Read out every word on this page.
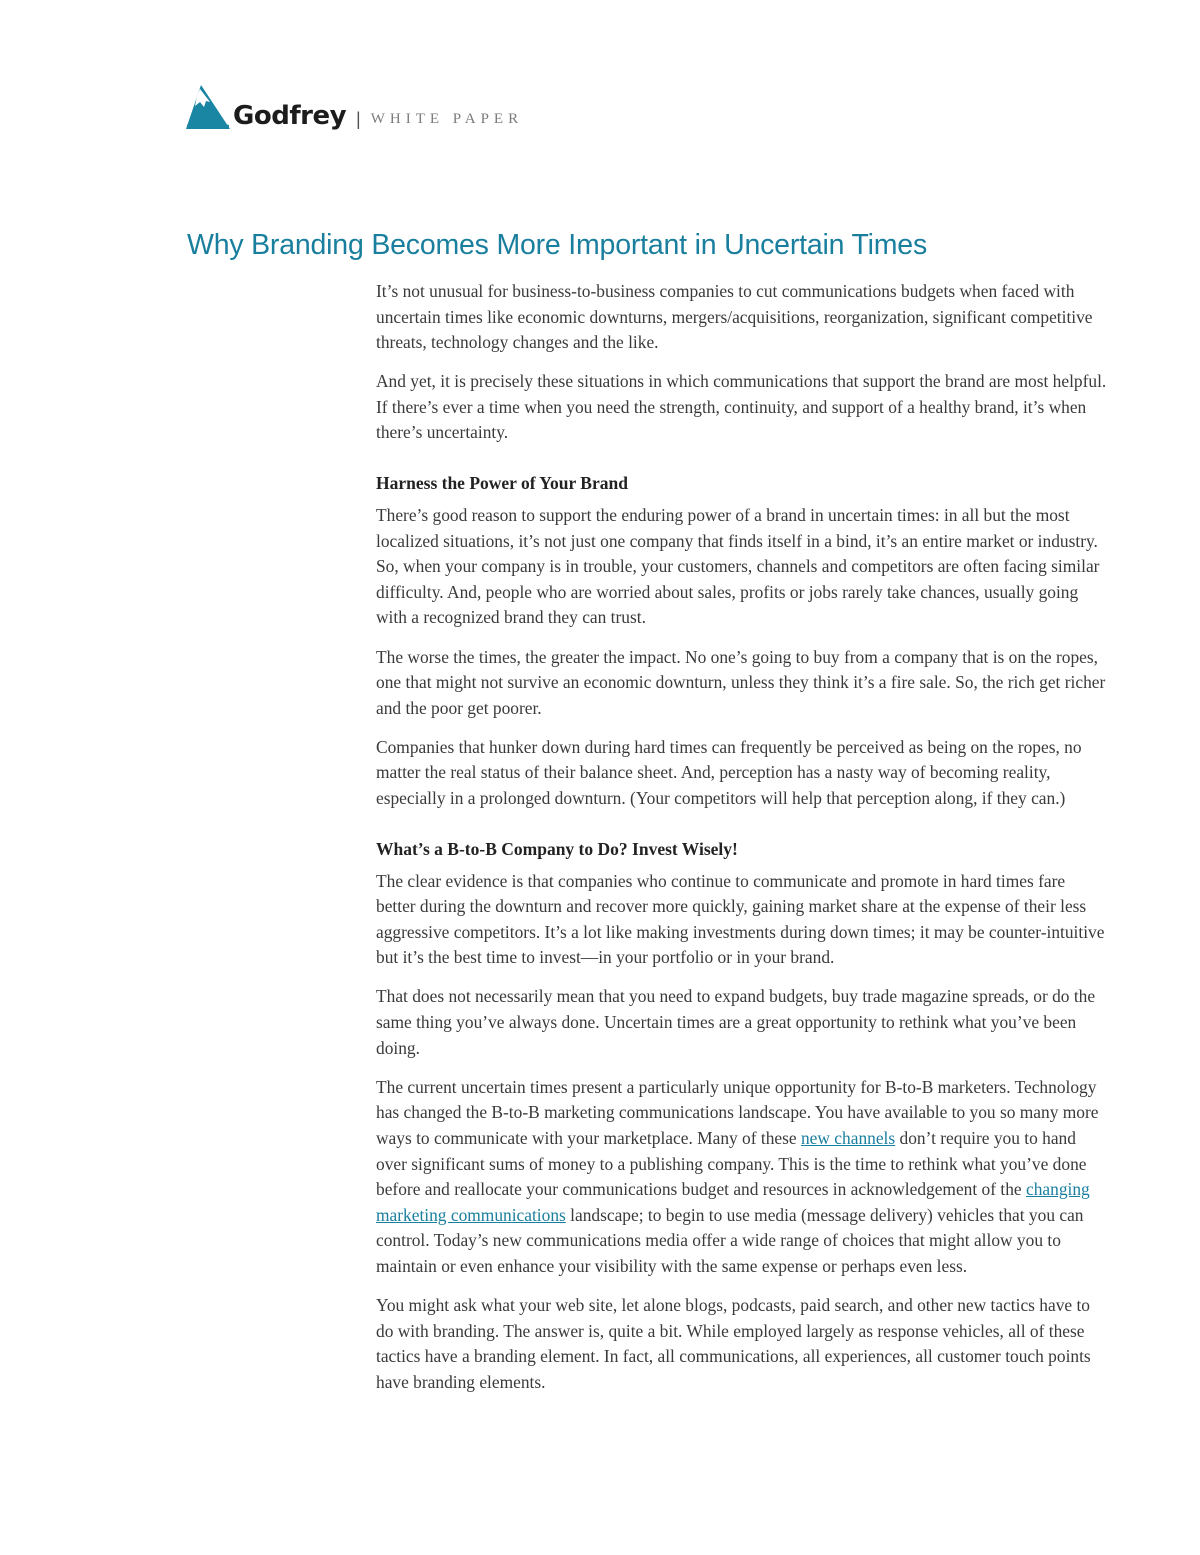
Godfrey | WHITE PAPER
Why Branding Becomes More Important in Uncertain Times

It’s not unusual for business-to-business companies to cut communications budgets when faced with uncertain times like economic downturns, mergers/acquisitions, reorganization, significant competitive threats, technology changes and the like.

And yet, it is precisely these situations in which communications that support the brand are most helpful. If there’s ever a time when you need the strength, continuity, and support of a healthy brand, it’s when there’s uncertainty.

Harness the Power of Your Brand

There’s good reason to support the enduring power of a brand in uncertain times: in all but the most localized situations, it’s not just one company that finds itself in a bind, it’s an entire market or industry. So, when your company is in trouble, your customers, channels and competitors are often facing similar difficulty. And, people who are worried about sales, profits or jobs rarely take chances, usually going with a recognized brand they can trust.

The worse the times, the greater the impact. No one’s going to buy from a company that is on the ropes, one that might not survive an economic downturn, unless they think it’s a fire sale. So, the rich get richer and the poor get poorer.

Companies that hunker down during hard times can frequently be perceived as being on the ropes, no matter the real status of their balance sheet. And, perception has a nasty way of becoming reality, especially in a prolonged downturn. (Your competitors will help that perception along, if they can.)

What’s a B-to-B Company to Do? Invest Wisely!

The clear evidence is that companies who continue to communicate and promote in hard times fare better during the downturn and recover more quickly, gaining market share at the expense of their less aggressive competitors. It’s a lot like making investments during down times; it may be counter-intuitive but it’s the best time to invest—in your portfolio or in your brand.

That does not necessarily mean that you need to expand budgets, buy trade magazine spreads, or do the same thing you’ve always done. Uncertain times are a great opportunity to rethink what you’ve been doing.

The current uncertain times present a particularly unique opportunity for B-to-B marketers. Technology has changed the B-to-B marketing communications landscape. You have available to you so many more ways to communicate with your marketplace. Many of these new channels don’t require you to hand over significant sums of money to a publishing company. This is the time to rethink what you’ve done before and reallocate your communications budget and resources in acknowledgement of the changing marketing communications landscape; to begin to use media (message delivery) vehicles that you can control. Today’s new communications media offer a wide range of choices that might allow you to maintain or even enhance your visibility with the same expense or perhaps even less.

You might ask what your web site, let alone blogs, podcasts, paid search, and other new tactics have to do with branding. The answer is, quite a bit. While employed largely as response vehicles, all of these tactics have a branding element. In fact, all communications, all experiences, all customer touch points have branding elements.
